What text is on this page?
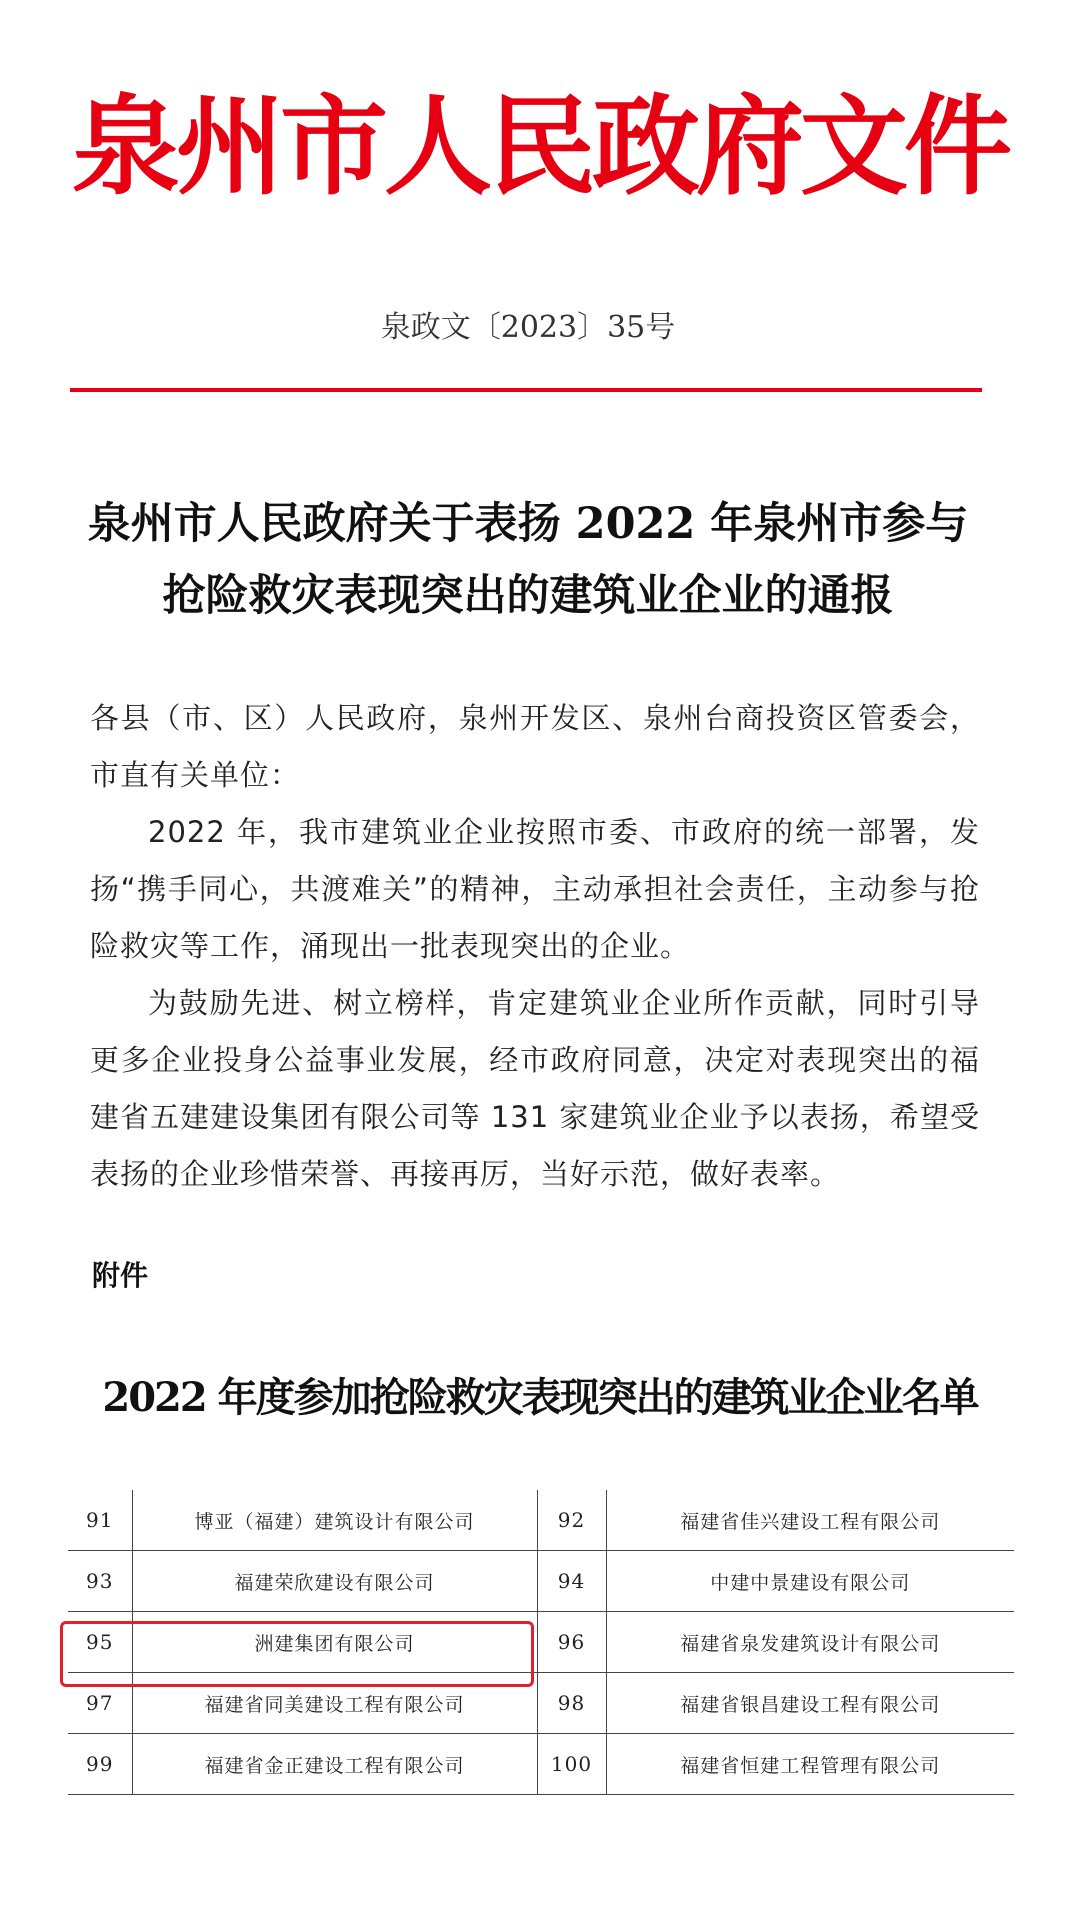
泉州市人民政府文件
泉政文〔2023〕35号
泉州市人民政府关于表扬 2022 年泉州市参与
抢险救灾表现突出的建筑业企业的通报

各县（市、区）人民政府，泉州开发区、泉州台商投资区管委会，市直有关单位：

2022 年，我市建筑业企业按照市委、市政府的统一部署，发扬“携手同心，共渡难关”的精神，主动承担社会责任，主动参与抢险救灾等工作，涌现出一批表现突出的企业。

为鼓励先进、树立榜样，肯定建筑业企业所作贡献，同时引导更多企业投身公益事业发展，经市政府同意，决定对表现突出的福建省五建建设集团有限公司等 131 家建筑业企业予以表扬，希望受表扬的企业珍惜荣誉、再接再厉，当好示范，做好表率。

附件
2022 年度参加抢险救灾表现突出的建筑业企业名单
91	博亚（福建）建筑设计有限公司	92	福建省佳兴建设工程有限公司
93	福建荣欣建设有限公司	94	中建中景建设有限公司
95	洲建集团有限公司	96	福建省泉发建筑设计有限公司
97	福建省同美建设工程有限公司	98	福建省银昌建设工程有限公司
99	福建省金正建设工程有限公司	100	福建省恒建工程管理有限公司
